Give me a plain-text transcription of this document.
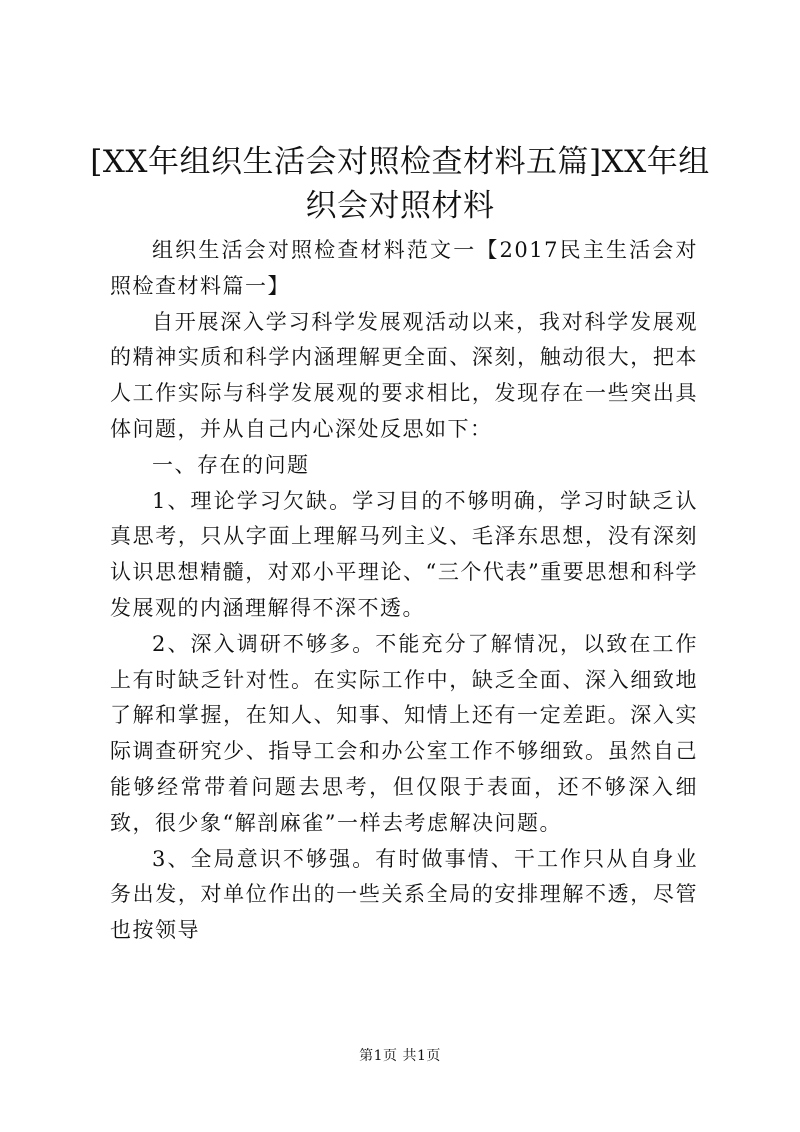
[XX年组织生活会对照检查材料五篇]XX年组织会对照材料

组织生活会对照检查材料范文一【2017民主生活会对照检查材料篇一】

自开展深入学习科学发展观活动以来，我对科学发展观的精神实质和科学内涵理解更全面、深刻，触动很大，把本人工作实际与科学发展观的要求相比，发现存在一些突出具体问题，并从自己内心深处反思如下：

一、存在的问题

1、理论学习欠缺。学习目的不够明确，学习时缺乏认真思考，只从字面上理解马列主义、毛泽东思想，没有深刻认识思想精髓，对邓小平理论、“三个代表”重要思想和科学发展观的内涵理解得不深不透。

2、深入调研不够多。不能充分了解情况，以致在工作上有时缺乏针对性。在实际工作中，缺乏全面、深入细致地了解和掌握，在知人、知事、知情上还有一定差距。深入实际调查研究少、指导工会和办公室工作不够细致。虽然自己能够经常带着问题去思考，但仅限于表面，还不够深入细致，很少象“解剖麻雀”一样去考虑解决问题。

3、全局意识不够强。有时做事情、干工作只从自身业务出发，对单位作出的一些关系全局的安排理解不透，尽管也按领导

第1页 共1页
